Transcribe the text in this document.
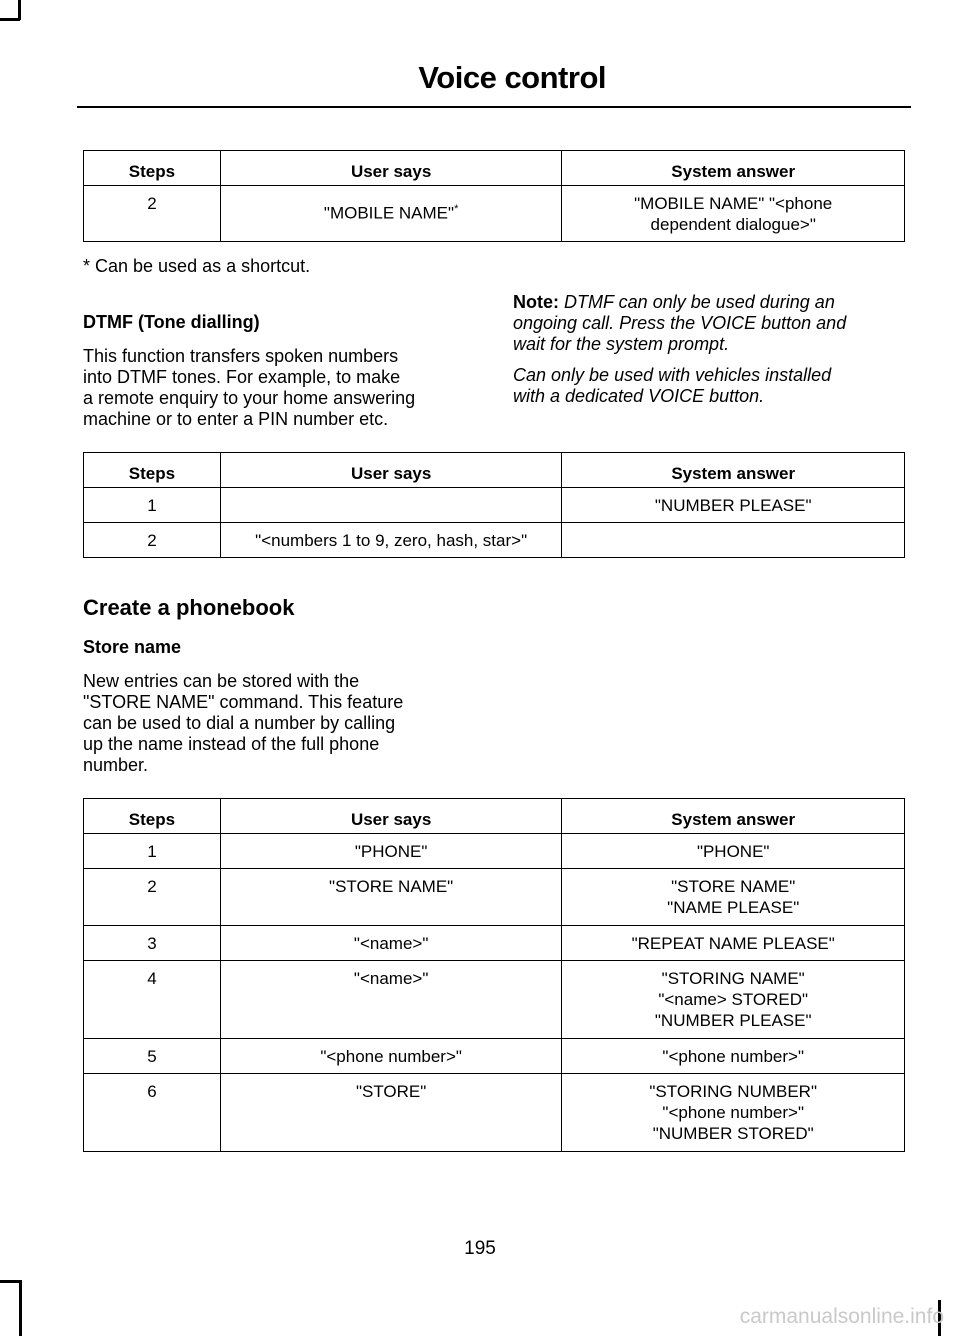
Voice control
Steps	User says	System answer
2	"MOBILE NAME"*	"MOBILE NAME" "<phone
dependent dialogue>"
* Can be used as a shortcut.
DTMF (Tone dialling)
This function transfers spoken numbers
into DTMF tones. For example, to make
a remote enquiry to your home answering
machine or to enter a PIN number etc.
Note: DTMF can only be used during an
ongoing call. Press the VOICE button and
wait for the system prompt.
Can only be used with vehicles installed
with a dedicated VOICE button.
Steps	User says	System answer
1		"NUMBER PLEASE"
2	"<numbers 1 to 9, zero, hash, star>"	
Create a phonebook
Store name
New entries can be stored with the
"STORE NAME" command. This feature
can be used to dial a number by calling
up the name instead of the full phone
number.
Steps	User says	System answer
1	"PHONE"	"PHONE"

2	"STORE NAME"	"STORE NAME"
"NAME PLEASE"

3	"<name>"	"REPEAT NAME PLEASE"

4	"<name>"	"STORING NAME"
"<name> STORED"
"NUMBER PLEASE"

5	"<phone number>"	"<phone number>"

6	"STORE"	"STORING NUMBER"
"<phone number>"
"NUMBER STORED"
195
carmanualsonline.info
